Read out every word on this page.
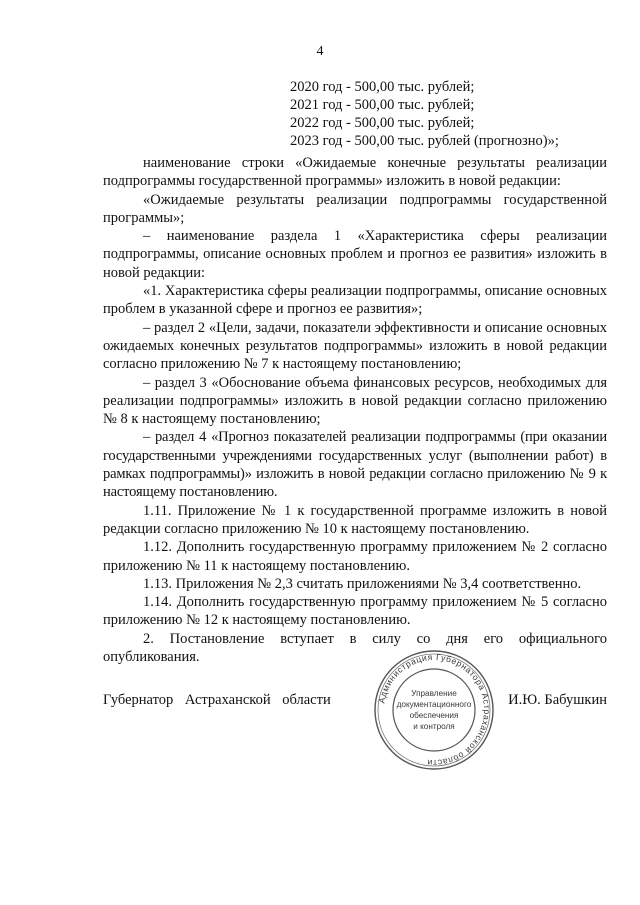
4
2020 год - 500,00 тыс. рублей;
2021 год - 500,00 тыс. рублей;
2022 год - 500,00 тыс. рублей;
2023 год - 500,00 тыс. рублей (прогнозно)»;

наименование строки «Ожидаемые конечные результаты реализации подпрограммы государственной программы» изложить в новой редакции:

«Ожидаемые результаты реализации подпрограммы государственной программы»;

– наименование раздела 1 «Характеристика сферы реализации подпрограммы, описание основных проблем и прогноз ее развития» изложить в новой редакции:

«1. Характеристика сферы реализации подпрограммы, описание основных проблем в указанной сфере и прогноз ее развития»;

– раздел 2 «Цели, задачи, показатели эффективности и описание основных ожидаемых конечных результатов подпрограммы» изложить в новой редакции согласно приложению № 7 к настоящему постановлению;

– раздел 3 «Обоснование объема финансовых ресурсов, необходимых для реализации подпрограммы» изложить в новой редакции согласно приложению № 8 к настоящему постановлению;

– раздел 4 «Прогноз показателей реализации подпрограммы (при оказании государственными учреждениями государственных услуг (выполнении работ) в рамках подпрограммы)» изложить в новой редакции согласно приложению № 9 к настоящему постановлению.

1.11. Приложение № 1 к государственной программе изложить в новой редакции согласно приложению № 10 к настоящему постановлению.

1.12. Дополнить государственную программу приложением № 2 согласно приложению № 11 к настоящему постановлению.

1.13. Приложения № 2,3 считать приложениями № 3,4 соответственно.

1.14. Дополнить государственную программу приложением № 5 согласно приложению № 12 к настоящему постановлению.

2. Постановление вступает в силу со дня его официального опубликования.

Губернатор Астраханской области	И.Ю. Бабушкин
Администрация Губернатора Астраханской области
Управление
документационного
обеспечения
и контроля
